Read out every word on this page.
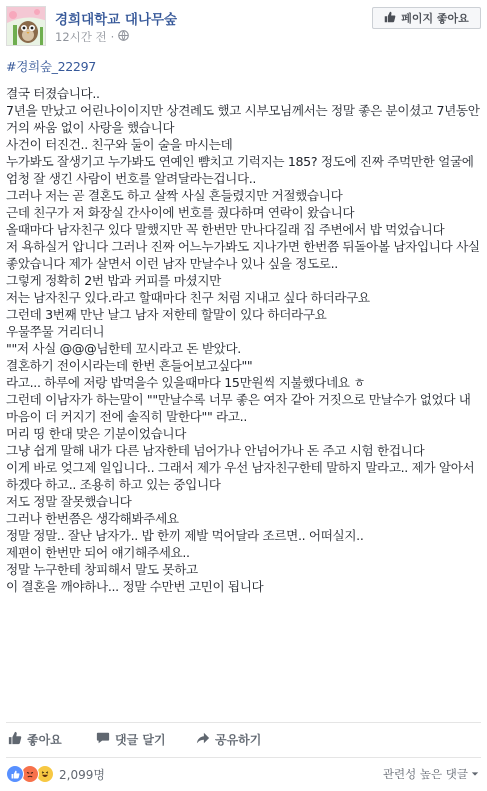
경희대학교 대나무숲
12시간 전 ·
페이지 좋아요
#경희숲_22297
결국 터졌습니다..
7년을 만났고 어린나이이지만 상견례도 했고 시부모님께서는 정말 좋은 분이셨고 7년동안 거의 싸움 없이 사랑을 했습니다
사건이 터진건.. 친구와 둘이 술을 마시는데
누가봐도 잘생기고 누가봐도 연예인 뺨치고 기럭지는 185? 정도에 진짜 주먹만한 얼굴에 엄청 잘 생긴 사람이 번호를 알려달라는겁니다..
그러나 저는 곧 결혼도 하고 살짝 사실 흔들렸지만 거절했습니다
근데 친구가 저 화장실 간사이에 번호를 줬다하며 연락이 왔습니다
올때마다 남자친구 있다 말했지만 꼭 한번만 만나다길래 집 주변에서 밥 먹었습니다
저 욕하실거 압니다 그러나 진짜 어느누가봐도 지나가면 한번쯤 뒤돌아볼 남자입니다 사실 좋았습니다 제가 살면서 이런 남자 만날수나 있나 싶을 정도로..
그렇게 정확히 2번 밥과 커피를 마셨지만
저는 남자친구 있다.라고 할때마다 친구 처럼 지내고 싶다 하더라구요
그런데 3번째 만난 날그 남자 저한테 할말이 있다 하더라구요
우물쭈물 거리더니
""저 사실 @@@님한테 꼬시라고 돈 받았다.
결혼하기 전이시라는데 한번 흔들어보고싶다""
라고... 하루에 저랑 밥먹을수 있을때마다 15만원씩 지불했다네요 ㅎ
그런데 이남자가 하는말이 ""만날수록 너무 좋은 여자 같아 거짓으로 만날수가 없었다 내 마음이 더 커지기 전에 솔직히 말한다"" 라고..
머리 띵 한대 맞은 기분이었습니다
그냥 쉽게 말해 내가 다른 남자한테 넘어가나 안넘어가나 돈 주고 시험 한겁니다
이게 바로 엊그제 일입니다.. 그래서 제가 우선 남자친구한테 말하지 말라고.. 제가 알아서 하겠다 하고.. 조용히 하고 있는 중입니다
저도 정말 잘못했습니다
그러나 한번쯤은 생각해봐주세요
정말 정말.. 잘난 남자가.. 밥 한끼 제발 먹어달라 조르면.. 어떠실지..
제편이 한번만 되어 얘기해주세요..
정말 누구한테 창피해서 말도 못하고
이 결혼을 깨야하나... 정말 수만번 고민이 됩니다
좋아요	댓글 달기	공유하기
2,099명	관련성 높은 댓글
